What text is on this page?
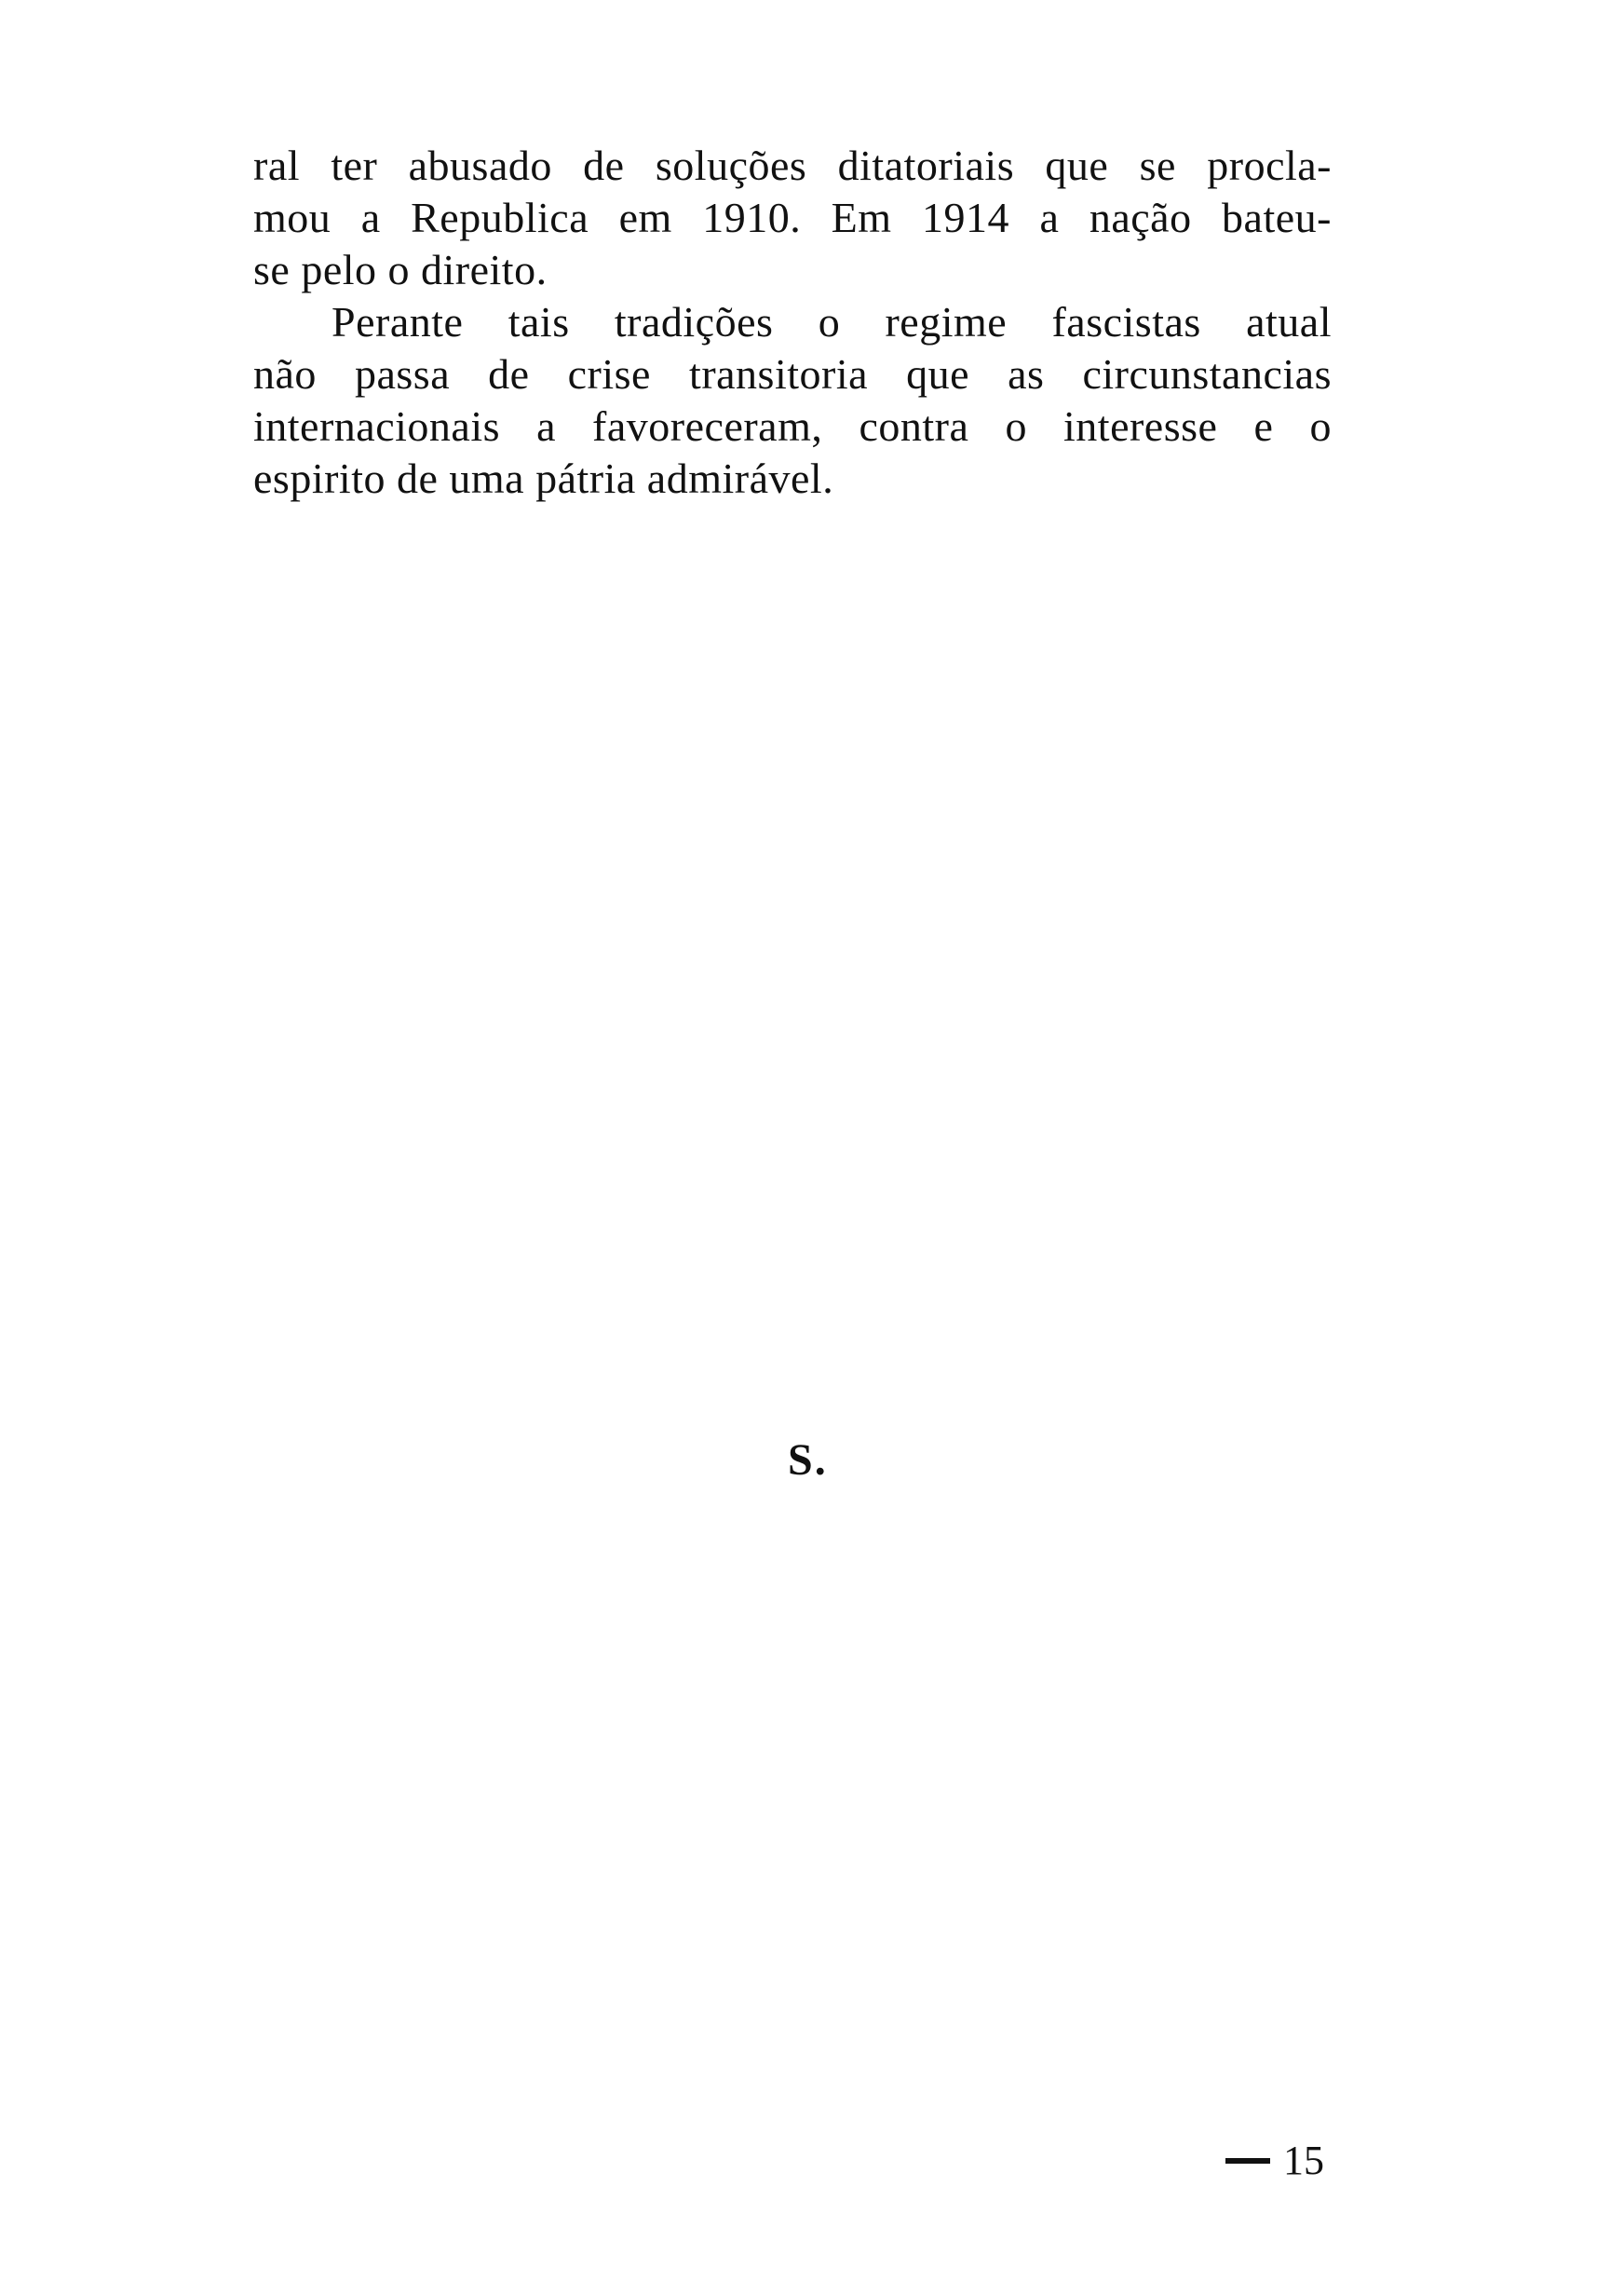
ral ter abusado de soluções ditatoriais que se procla-
mou a Republica em 1910. Em 1914 a nação bateu-
se pelo o direito.
Perante tais tradições o regime fascistas atual
não passa de crise transitoria que as circunstancias
internacionais a favoreceram, contra o interesse e o
espirito de uma pátria admirável.
S.
15
